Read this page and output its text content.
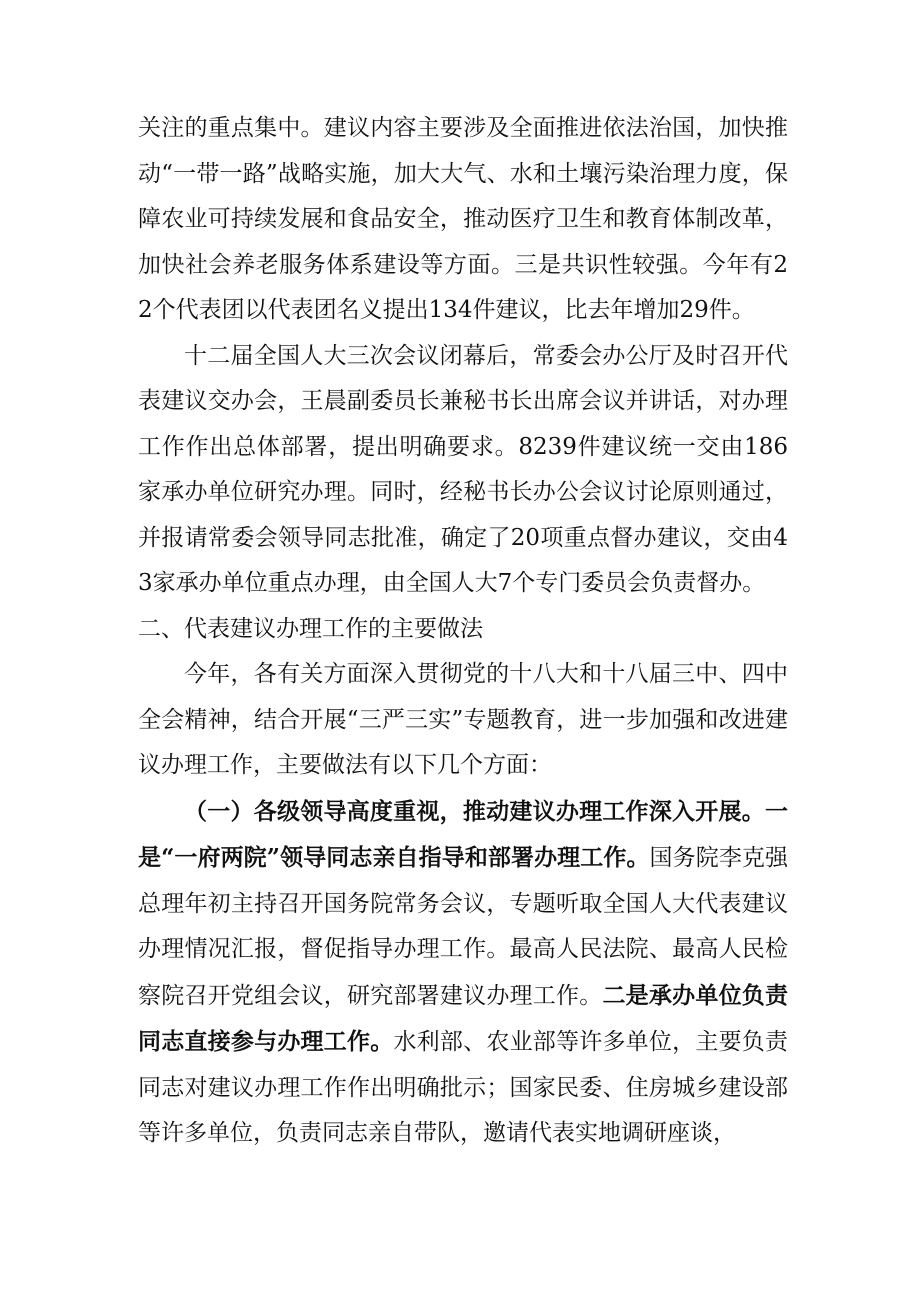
关注的重点集中。建议内容主要涉及全面推进依法治国，加快推动“一带一路”战略实施，加大大气、水和土壤污染治理力度，保障农业可持续发展和食品安全，推动医疗卫生和教育体制改革，加快社会养老服务体系建设等方面。三是共识性较强。今年有22个代表团以代表团名义提出134件建议，比去年增加29件。

十二届全国人大三次会议闭幕后，常委会办公厅及时召开代表建议交办会，王晨副委员长兼秘书长出席会议并讲话，对办理工作作出总体部署，提出明确要求。8239件建议统一交由186家承办单位研究办理。同时，经秘书长办公会议讨论原则通过，并报请常委会领导同志批准，确定了20项重点督办建议，交由43家承办单位重点办理，由全国人大7个专门委员会负责督办。

二、代表建议办理工作的主要做法

今年，各有关方面深入贯彻党的十八大和十八届三中、四中全会精神，结合开展“三严三实”专题教育，进一步加强和改进建议办理工作，主要做法有以下几个方面：

（一）各级领导高度重视，推动建议办理工作深入开展。一是“一府两院”领导同志亲自指导和部署办理工作。国务院李克强总理年初主持召开国务院常务会议，专题听取全国人大代表建议办理情况汇报，督促指导办理工作。最高人民法院、最高人民检察院召开党组会议，研究部署建议办理工作。二是承办单位负责同志直接参与办理工作。水利部、农业部等许多单位，主要负责同志对建议办理工作作出明确批示；国家民委、住房城乡建设部等许多单位，负责同志亲自带队，邀请代表实地调研座谈，
